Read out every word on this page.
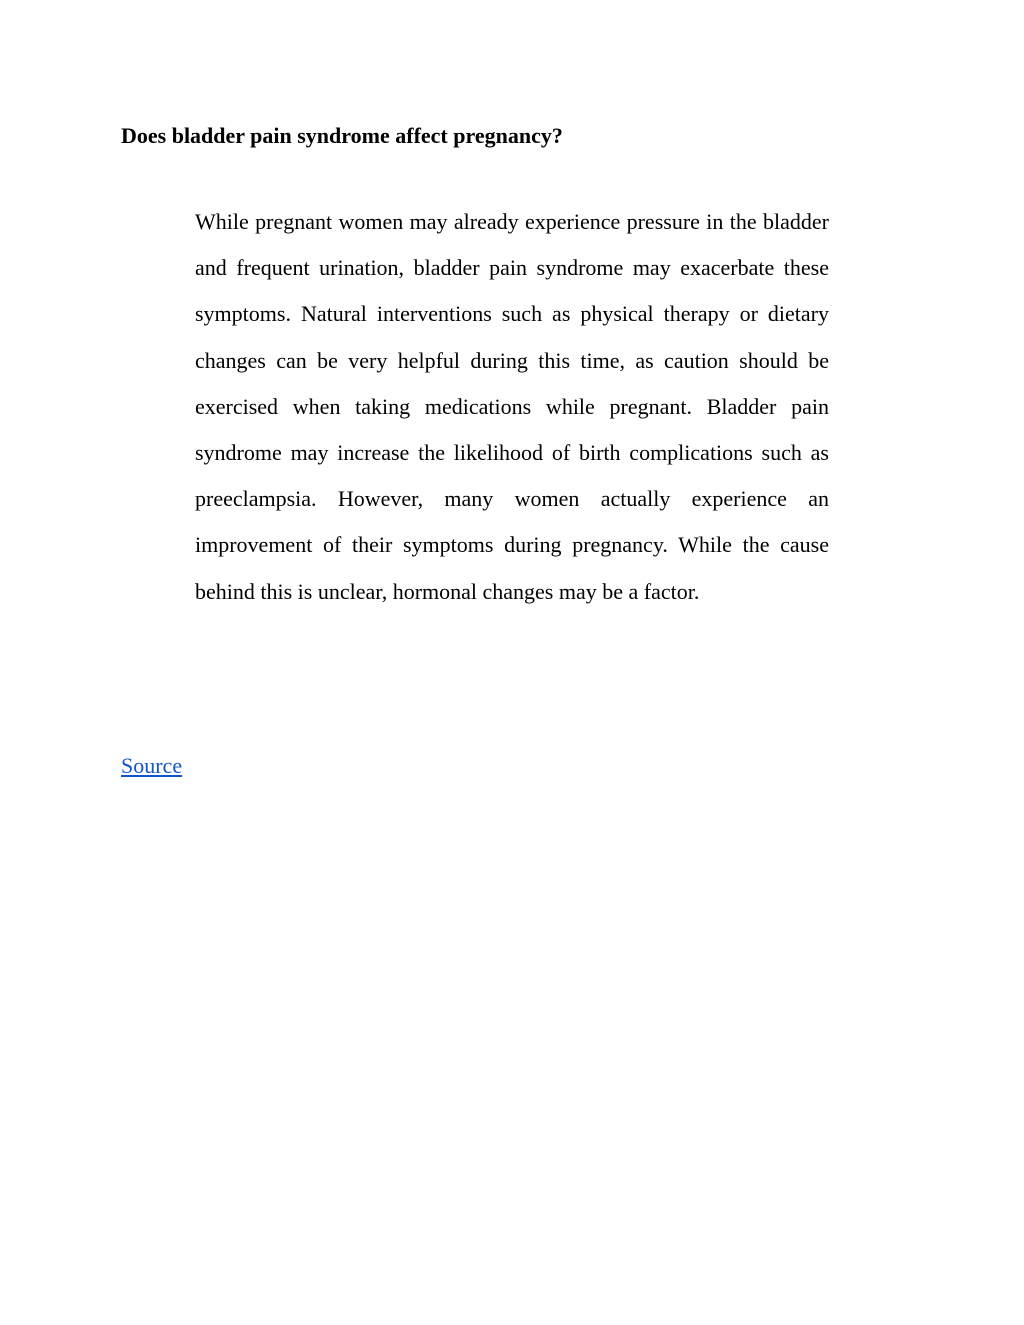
Does bladder pain syndrome affect pregnancy?

While pregnant women may already experience pressure in the bladder and frequent urination, bladder pain syndrome may exacerbate these symptoms. Natural interventions such as physical therapy or dietary changes can be very helpful during this time, as caution should be exercised when taking medications while pregnant. Bladder pain syndrome may increase the likelihood of birth complications such as preeclampsia. However, many women actually experience an improvement of their symptoms during pregnancy. While the cause behind this is unclear, hormonal changes may be a factor.

Source
